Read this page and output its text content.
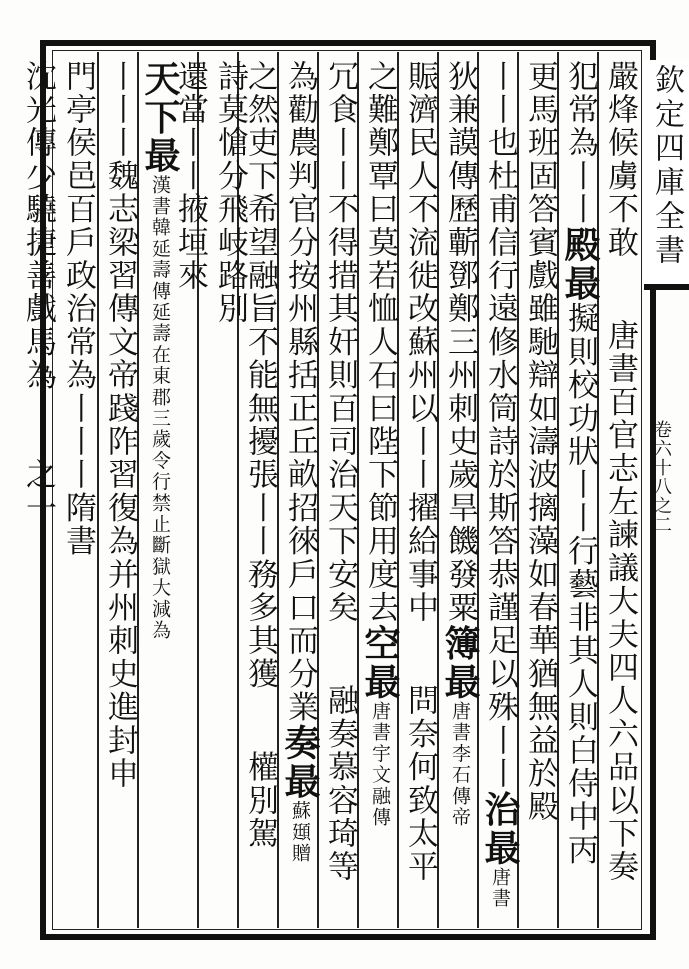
欽定四庫全書
卷六十八之二
嚴烽候虜不敢唐書百官志左諫議大夫四人六品以下奏
犯常為丨丨殿最擬則校功狀丨丨行藝非其人則白侍中丙
更馬班固答賓戲雖馳辯如濤波摛藻如春華猶無益於殿
丨丨也杜甫信行遠修水筒詩於斯答恭謹足以殊丨丨治最唐書
狄兼謨傳歷蘄鄧鄭三州刺史歲旱饑發粟簿最唐書李石傳帝
賑濟民人不流徙改蘇州以丨丨擢給事中問奈何致太平
之難鄭覃曰莫若恤人石曰陛下節用度去空最唐書宇文融傳
冗食丨丨不得措其奸則百司治天下安矣融奏慕容琦等
為勸農判官分按州縣括正丘畝招徠戶口而分業奏最蘇頲贈
之然吏下希望融旨不能無擾張丨丨務多其獲權別駕
詩莫愴分飛岐路別
還當丨丨掖垣來
天下最漢書韓延壽傳延壽在東郡三歲令行禁止斷獄大減為
丨丨丨魏志梁習傳文帝踐阼習復為并州刺史進封申
門亭侯邑百戶政治常為丨丨丨隋書
沈光傳少驍捷善戲馬為丨丨之一
